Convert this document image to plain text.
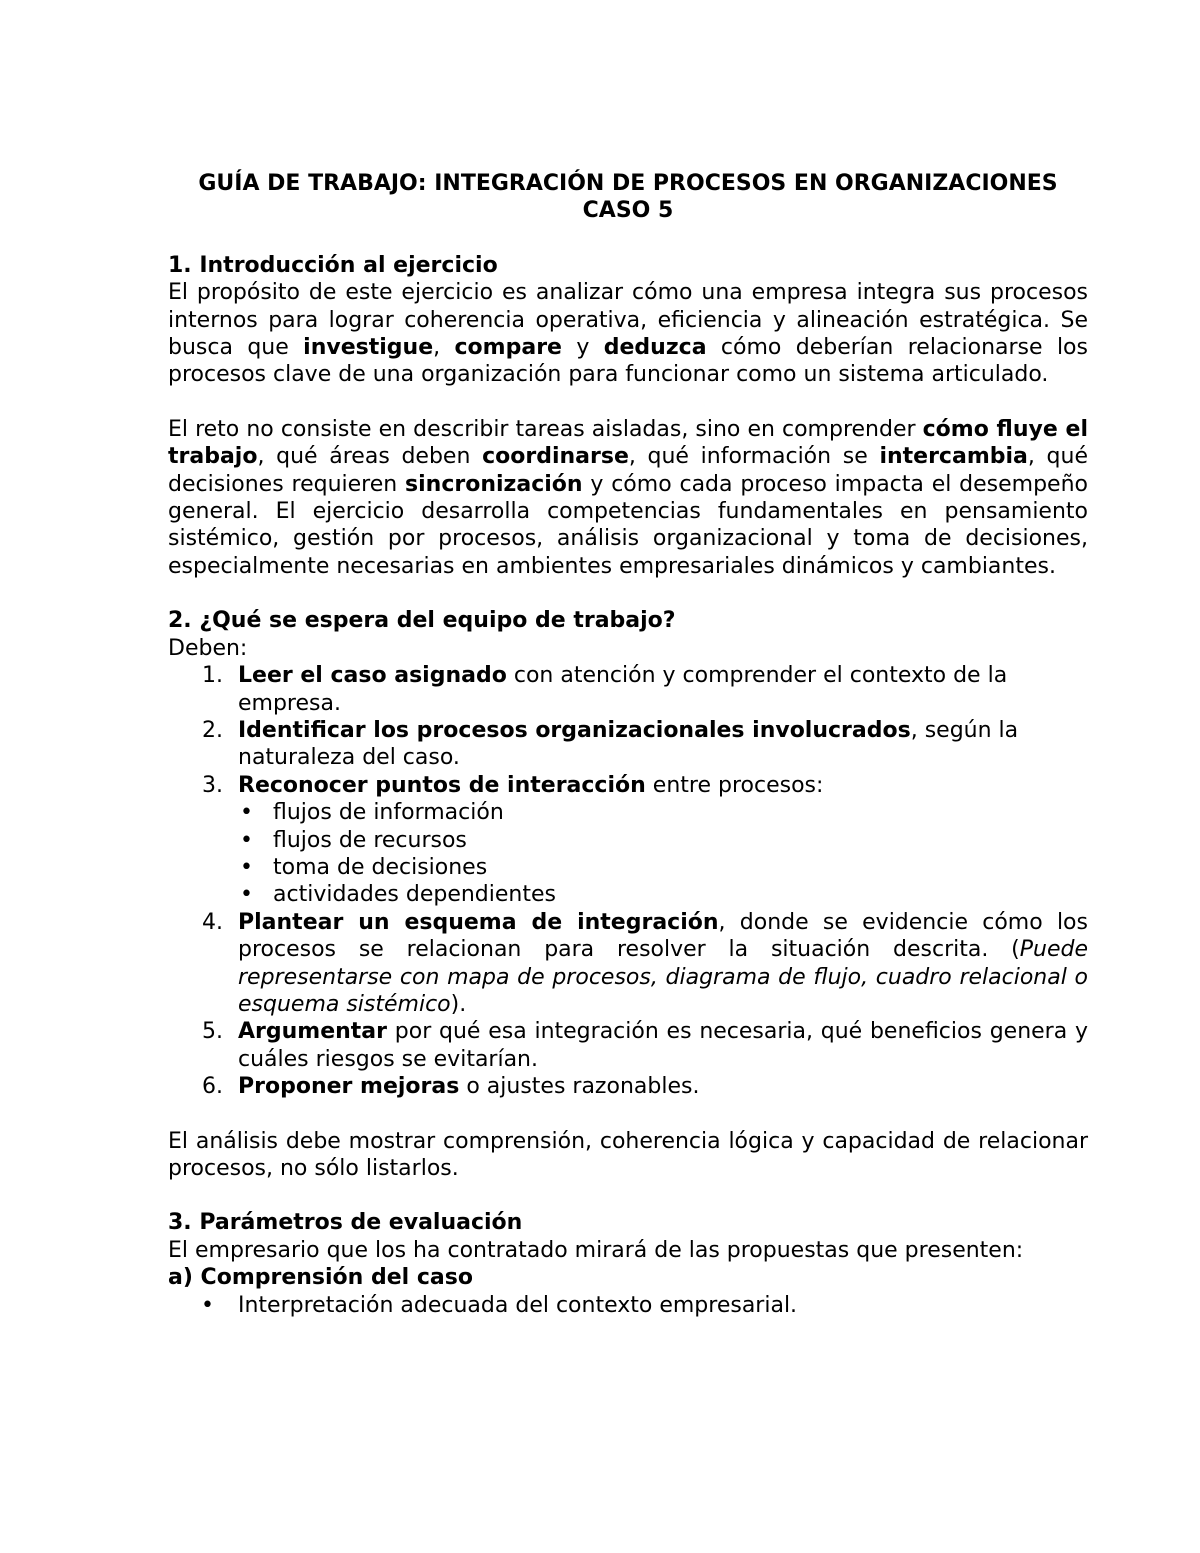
GUÍA DE TRABAJO: INTEGRACIÓN DE PROCESOS EN ORGANIZACIONES

CASO 5

1. Introducción al ejercicio

El propósito de este ejercicio es analizar cómo una empresa integra sus procesos internos para lograr coherencia operativa, eficiencia y alineación estratégica. Se busca que investigue, compare y deduzca cómo deberían relacionarse los procesos clave de una organización para funcionar como un sistema articulado.

El reto no consiste en describir tareas aisladas, sino en comprender cómo fluye el trabajo, qué áreas deben coordinarse, qué información se intercambia, qué decisiones requieren sincronización y cómo cada proceso impacta el desempeño general. El ejercicio desarrolla competencias fundamentales en pensamiento sistémico, gestión por procesos, análisis organizacional y toma de decisiones, especialmente necesarias en ambientes empresariales dinámicos y cambiantes.

2. ¿Qué se espera del equipo de trabajo?

Deben:

1. Leer el caso asignado con atención y comprender el contexto de la empresa.
2. Identificar los procesos organizacionales involucrados, según la naturaleza del caso.
3. Reconocer puntos de interacción entre procesos:
• flujos de información
• flujos de recursos
• toma de decisiones
• actividades dependientes
4. Plantear un esquema de integración, donde se evidencie cómo los procesos se relacionan para resolver la situación descrita. (Puede representarse con mapa de procesos, diagrama de flujo, cuadro relacional o esquema sistémico).
5. Argumentar por qué esa integración es necesaria, qué beneficios genera y cuáles riesgos se evitarían.
6. Proponer mejoras o ajustes razonables.

El análisis debe mostrar comprensión, coherencia lógica y capacidad de relacionar procesos, no sólo listarlos.

3. Parámetros de evaluación

El empresario que los ha contratado mirará de las propuestas que presenten:

a) Comprensión del caso
• Interpretación adecuada del contexto empresarial.
